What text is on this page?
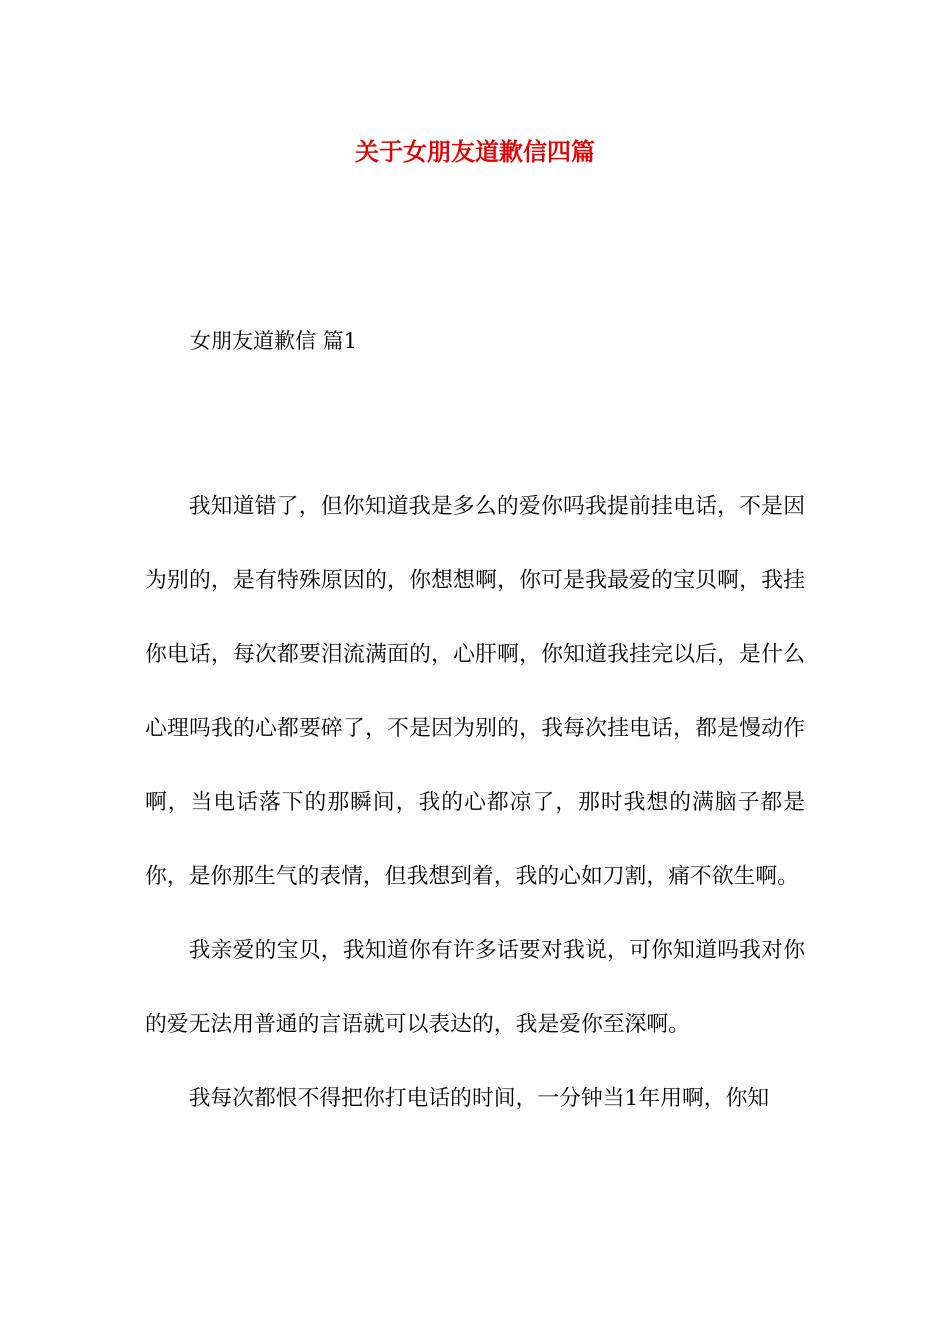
关于女朋友道歉信四篇
女朋友道歉信 篇1

我知道错了，但你知道我是多么的爱你吗我提前挂电话，不是因为别的，是有特殊原因的，你想想啊，你可是我最爱的宝贝啊，我挂你电话，每次都要泪流满面的，心肝啊，你知道我挂完以后，是什么心理吗我的心都要碎了，不是因为别的，我每次挂电话，都是慢动作啊，当电话落下的那瞬间，我的心都凉了，那时我想的满脑子都是你，是你那生气的表情，但我想到着，我的心如刀割，痛不欲生啊。

我亲爱的宝贝，我知道你有许多话要对我说，可你知道吗我对你的爱无法用普通的言语就可以表达的，我是爱你至深啊。

我每次都恨不得把你打电话的时间，一分钟当1年用啊，你知
